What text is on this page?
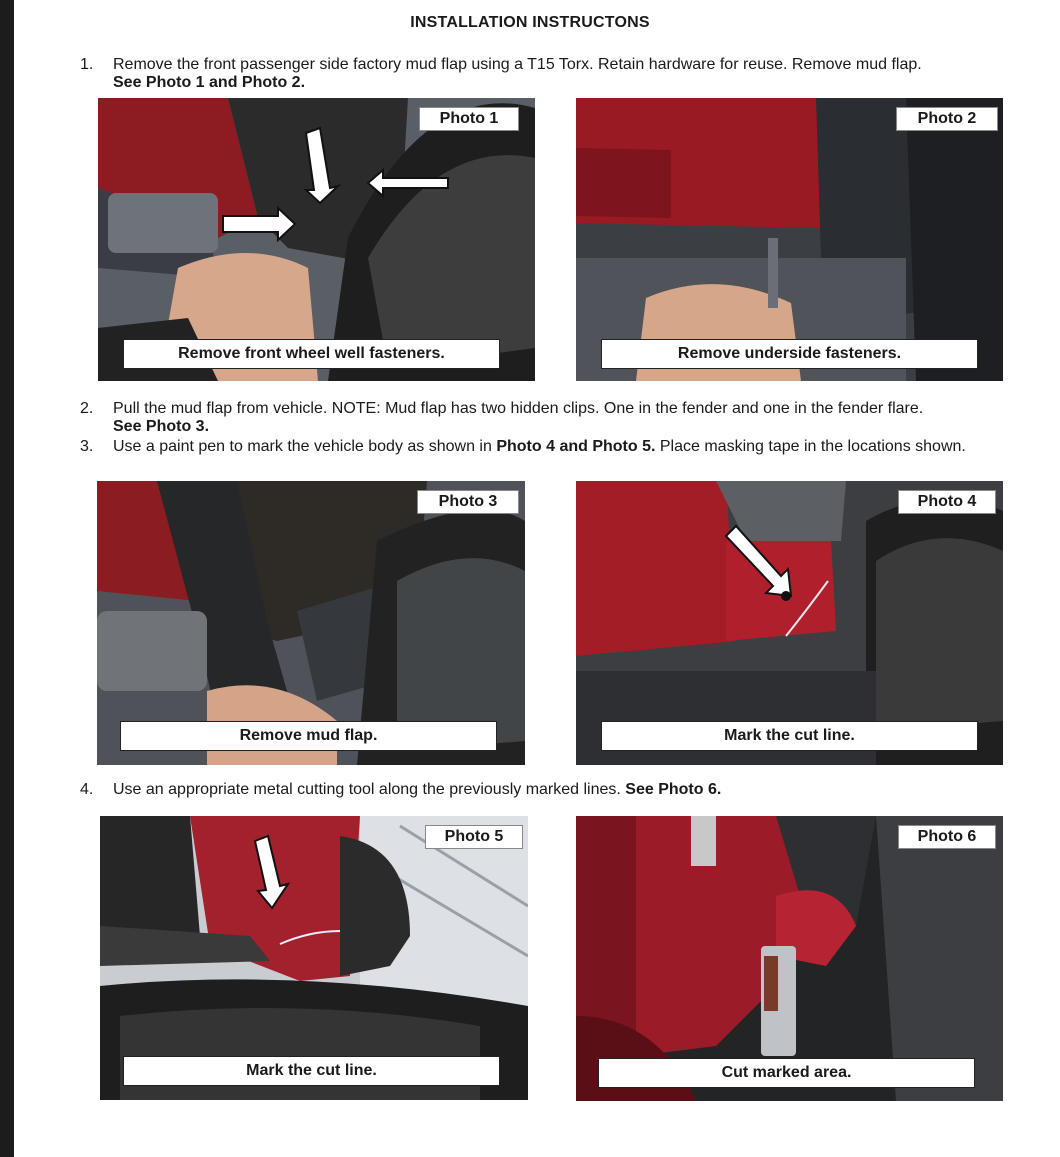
INSTALLATION INSTRUCTONS
1.	Remove the front passenger side factory mud flap using a T15 Torx. Retain hardware for reuse. Remove mud flap.
See Photo 1 and Photo 2.
Photo 1
Remove front wheel well fasteners.
Photo 2
Remove underside fasteners.
2.	Pull the mud flap from vehicle. NOTE: Mud flap has two hidden clips. One in the fender and one in the fender flare.
See Photo 3.
3.	Use a paint pen to mark the vehicle body as shown in Photo 4 and Photo 5. Place masking tape in the locations shown.
Photo 3
Remove mud flap.
Photo 4
Mark the cut line.
4.	Use an appropriate metal cutting tool along the previously marked lines. See Photo 6.
Photo 5
Mark the cut line.
Photo 6
Cut marked area.
